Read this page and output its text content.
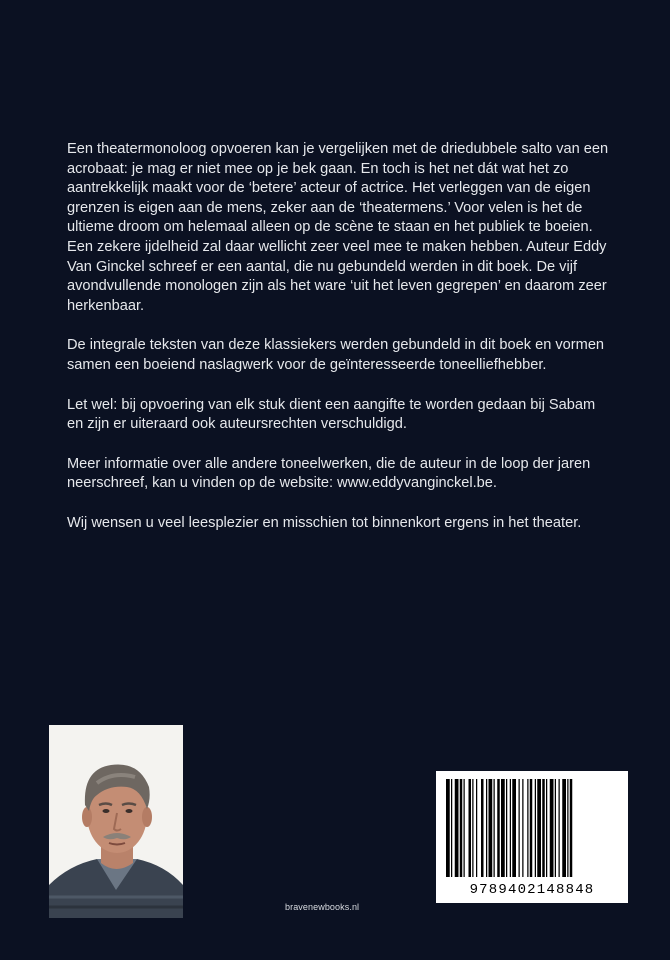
Een theatermonoloog opvoeren kan je vergelijken met de driedubbele salto van een acrobaat: je mag er niet mee op je bek gaan. En toch is het net dát wat het zo aantrekkelijk maakt voor de ‘betere’ acteur of actrice. Het verleggen van de eigen grenzen is eigen aan de mens, zeker aan de ‘theatermens.’ Voor velen is het de ultieme droom om helemaal alleen op de scène te staan en het publiek te boeien. Een zekere ijdelheid zal daar wellicht zeer veel mee te maken hebben. Auteur Eddy Van Ginckel schreef er een aantal, die nu gebundeld werden in dit boek. De vijf avondvullende monologen zijn als het ware ‘uit het leven gegrepen’ en daarom zeer herkenbaar.

De integrale teksten van deze klassiekers werden gebundeld in dit boek en vormen samen een boeiend naslagwerk voor de geïnteresseerde toneelliefhebber.

Let wel: bij opvoering van elk stuk dient een aangifte te worden gedaan bij Sabam en zijn er uiteraard ook auteursrechten verschuldigd.

Meer informatie over alle andere toneelwerken, die de auteur in de loop der jaren neerschreef, kan u vinden op de website: www.eddyvanginckel.be.

Wij wensen u veel leesplezier en misschien tot binnenkort ergens in het theater.

bravenewbooks.nl
9789402148848
